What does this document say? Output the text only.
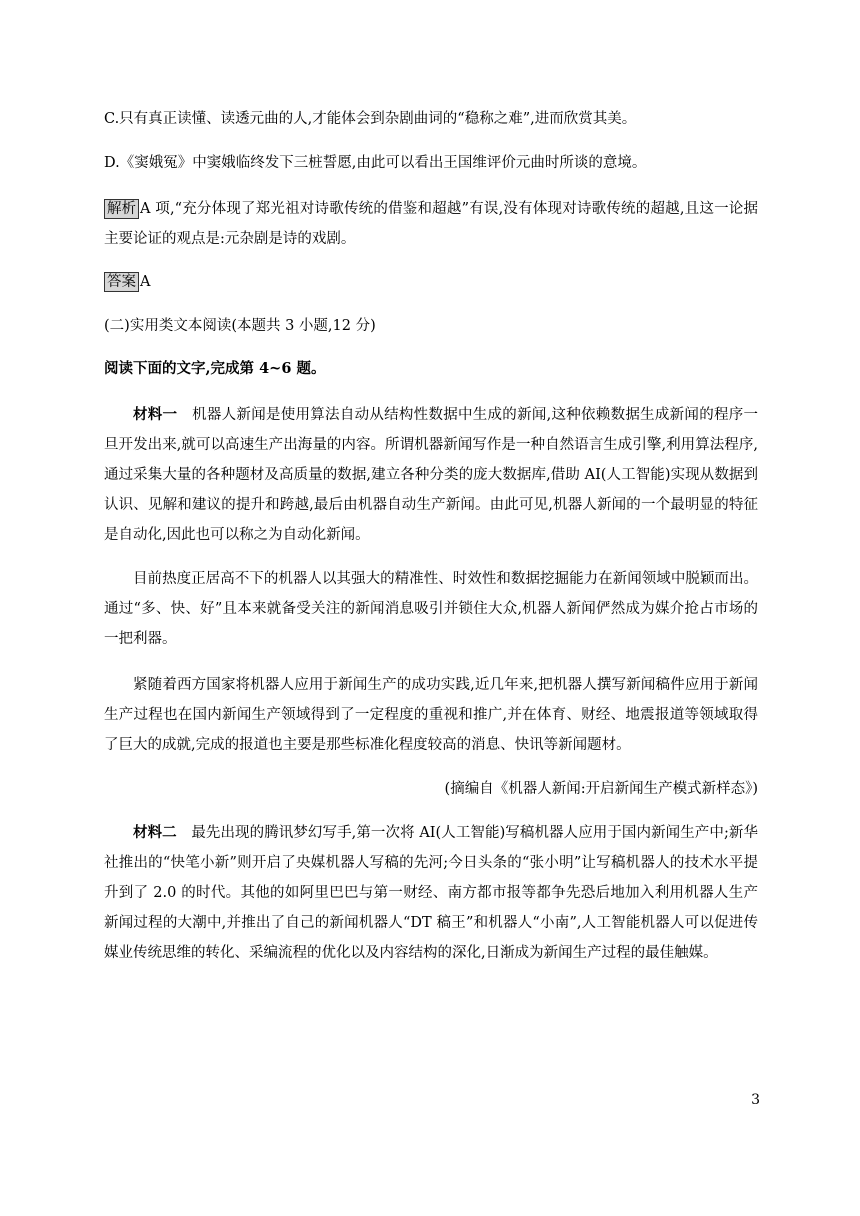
C.只有真正读懂、读透元曲的人,才能体会到杂剧曲词的“稳称之难”,进而欣赏其美。

D.《窦娥冤》中窦娥临终发下三桩誓愿,由此可以看出王国维评价元曲时所谈的意境。

解析 A 项,“充分体现了郑光祖对诗歌传统的借鉴和超越”有误,没有体现对诗歌传统的超越,且这一论据主要论证的观点是:元杂剧是诗的戏剧。

答案 A

(二)实用类文本阅读(本题共 3 小题,12 分)

阅读下面的文字,完成第 4~6 题。

材料一　 机器人新闻是使用算法自动从结构性数据中生成的新闻,这种依赖数据生成新闻的程序一旦开发出来,就可以高速生产出海量的内容。所谓机器新闻写作是一种自然语言生成引擎,利用算法程序,通过采集大量的各种题材及高质量的数据,建立各种分类的庞大数据库,借助 AI(人工智能)实现从数据到认识、见解和建议的提升和跨越,最后由机器自动生产新闻。由此可见,机器人新闻的一个最明显的特征是自动化,因此也可以称之为自动化新闻。

目前热度正居高不下的机器人以其强大的精准性、时效性和数据挖掘能力在新闻领域中脱颖而出。通过“多、快、好”且本来就备受关注的新闻消息吸引并锁住大众,机器人新闻俨然成为媒介抢占市场的一把利器。

紧随着西方国家将机器人应用于新闻生产的成功实践,近几年来,把机器人撰写新闻稿件应用于新闻生产过程也在国内新闻生产领域得到了一定程度的重视和推广,并在体育、财经、地震报道等领域取得了巨大的成就,完成的报道也主要是那些标准化程度较高的消息、快讯等新闻题材。

(摘编自《机器人新闻:开启新闻生产模式新样态》)

材料二　 最先出现的腾讯梦幻写手,第一次将 AI(人工智能)写稿机器人应用于国内新闻生产中;新华社推出的“快笔小新”则开启了央媒机器人写稿的先河;今日头条的“张小明”让写稿机器人的技术水平提升到了 2.0 的时代。其他的如阿里巴巴与第一财经、南方都市报等都争先恐后地加入利用机器人生产新闻过程的大潮中,并推出了自己的新闻机器人“DT 稿王”和机器人“小南”,人工智能机器人可以促进传媒业传统思维的转化、采编流程的优化以及内容结构的深化,日渐成为新闻生产过程的最佳触媒。

3
